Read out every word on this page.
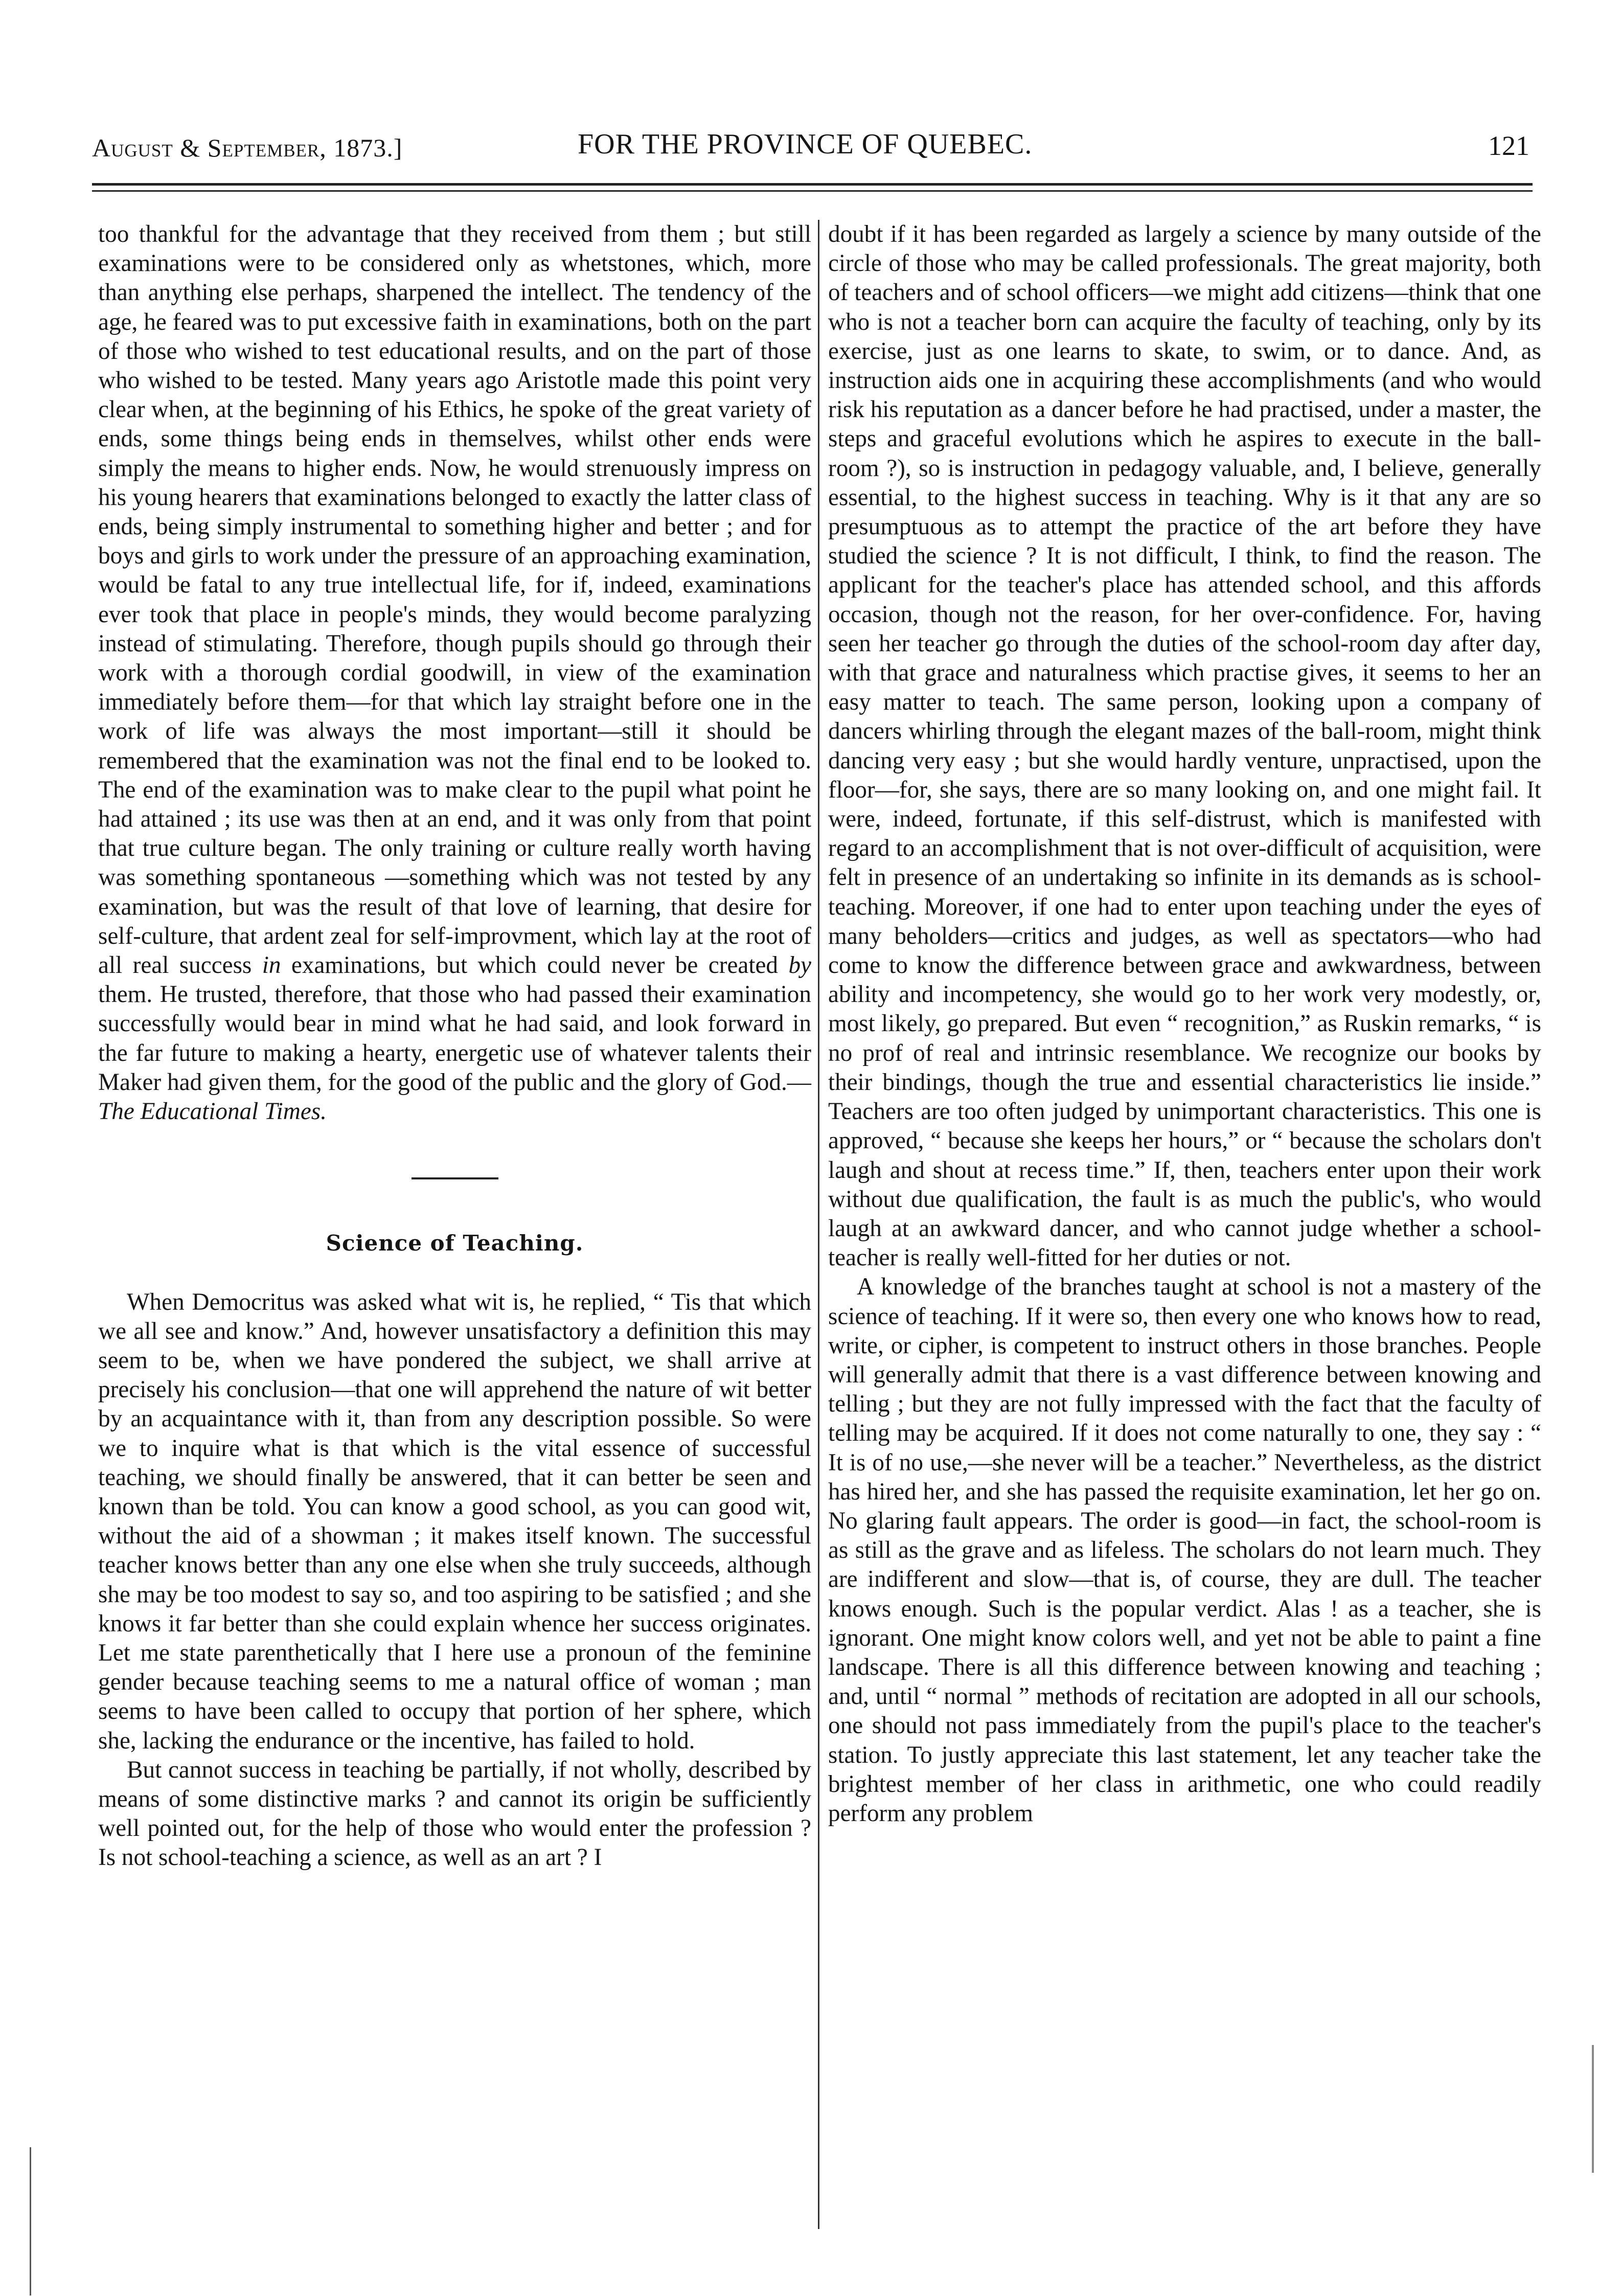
August & September, 1873.]	FOR THE PROVINCE OF QUEBEC.	121

too thankful for the advantage that they received from them ; but still examinations were to be considered only as whetstones, which, more than anything else perhaps, sharpened the intellect. The tendency of the age, he feared was to put excessive faith in examinations, both on the part of those who wished to test educational results, and on the part of those who wished to be tested. Many years ago Aristotle made this point very clear when, at the beginning of his Ethics, he spoke of the great variety of ends, some things being ends in themselves, whilst other ends were simply the means to higher ends. Now, he would strenuously impress on his young hearers that examinations belonged to exactly the latter class of ends, being simply instrumental to something higher and better ; and for boys and girls to work under the pressure of an approaching examination, would be fatal to any true intellectual life, for if, indeed, examinations ever took that place in people's minds, they would become paralyzing instead of stimulating. Therefore, though pupils should go through their work with a thorough cordial goodwill, in view of the examination immediately before them—for that which lay straight before one in the work of life was always the most important—still it should be remembered that the examination was not the final end to be looked to. The end of the examination was to make clear to the pupil what point he had attained ; its use was then at an end, and it was only from that point that true culture began. The only training or culture really worth having was something spontaneous —something which was not tested by any examination, but was the result of that love of learning, that desire for self-culture, that ardent zeal for self-improvment, which lay at the root of all real success in examinations, but which could never be created by them. He trusted, therefore, that those who had passed their examination successfully would bear in mind what he had said, and look forward in the far future to making a hearty, energetic use of whatever talents their Maker had given them, for the good of the public and the glory of God.— The Educational Times.

Science of Teaching.

When Democritus was asked what wit is, he replied, “ Tis that which we all see and know.” And, however unsatisfactory a definition this may seem to be, when we have pondered the subject, we shall arrive at precisely his conclusion—that one will apprehend the nature of wit better by an acquaintance with it, than from any description possible. So were we to inquire what is that which is the vital essence of successful teaching, we should finally be answered, that it can better be seen and known than be told. You can know a good school, as you can good wit, without the aid of a showman ; it makes itself known. The successful teacher knows better than any one else when she truly succeeds, although she may be too modest to say so, and too aspiring to be satisfied ; and she knows it far better than she could explain whence her success originates. Let me state parenthetically that I here use a pronoun of the feminine gender because teaching seems to me a natural office of woman ; man seems to have been called to occupy that portion of her sphere, which she, lacking the endurance or the incentive, has failed to hold.

But cannot success in teaching be partially, if not wholly, described by means of some distinctive marks ? and cannot its origin be sufficiently well pointed out, for the help of those who would enter the profession ? Is not school-teaching a science, as well as an art ? I

doubt if it has been regarded as largely a science by many outside of the circle of those who may be called professionals. The great majority, both of teachers and of school officers—we might add citizens—think that one who is not a teacher born can acquire the faculty of teaching, only by its exercise, just as one learns to skate, to swim, or to dance. And, as instruction aids one in acquiring these accomplishments (and who would risk his reputation as a dancer before he had practised, under a master, the steps and graceful evolutions which he aspires to execute in the ball-room ?), so is instruction in pedagogy valuable, and, I believe, generally essential, to the highest success in teaching. Why is it that any are so presumptuous as to attempt the practice of the art before they have studied the science ? It is not difficult, I think, to find the reason. The applicant for the teacher's place has attended school, and this affords occasion, though not the reason, for her over-confidence. For, having seen her teacher go through the duties of the school-room day after day, with that grace and naturalness which practise gives, it seems to her an easy matter to teach. The same person, looking upon a company of dancers whirling through the elegant mazes of the ball-room, might think dancing very easy ; but she would hardly venture, unpractised, upon the floor—for, she says, there are so many looking on, and one might fail. It were, indeed, fortunate, if this self-distrust, which is manifested with regard to an accomplishment that is not over-difficult of acquisition, were felt in presence of an undertaking so infinite in its demands as is school-teaching. Moreover, if one had to enter upon teaching under the eyes of many beholders—critics and judges, as well as spectators—who had come to know the difference between grace and awkwardness, between ability and incompetency, she would go to her work very modestly, or, most likely, go prepared. But even “ recognition,” as Ruskin remarks, “ is no prof of real and intrinsic resemblance. We recognize our books by their bindings, though the true and essential characteristics lie inside.” Teachers are too often judged by unimportant characteristics. This one is approved, “ because she keeps her hours,” or “ because the scholars don't laugh and shout at recess time.” If, then, teachers enter upon their work without due qualification, the fault is as much the public's, who would laugh at an awkward dancer, and who cannot judge whether a school-teacher is really well-fitted for her duties or not.

A knowledge of the branches taught at school is not a mastery of the science of teaching. If it were so, then every one who knows how to read, write, or cipher, is competent to instruct others in those branches. People will generally admit that there is a vast difference between knowing and telling ; but they are not fully impressed with the fact that the faculty of telling may be acquired. If it does not come naturally to one, they say : “ It is of no use,—she never will be a teacher.” Nevertheless, as the district has hired her, and she has passed the requisite examination, let her go on. No glaring fault appears. The order is good—in fact, the school-room is as still as the grave and as lifeless. The scholars do not learn much. They are indifferent and slow—that is, of course, they are dull. The teacher knows enough. Such is the popular verdict. Alas ! as a teacher, she is ignorant. One might know colors well, and yet not be able to paint a fine landscape. There is all this difference between knowing and teaching ; and, until “ normal ” methods of recitation are adopted in all our schools, one should not pass immediately from the pupil's place to the teacher's station. To justly appreciate this last statement, let any teacher take the brightest member of her class in arithmetic, one who could readily perform any problem
